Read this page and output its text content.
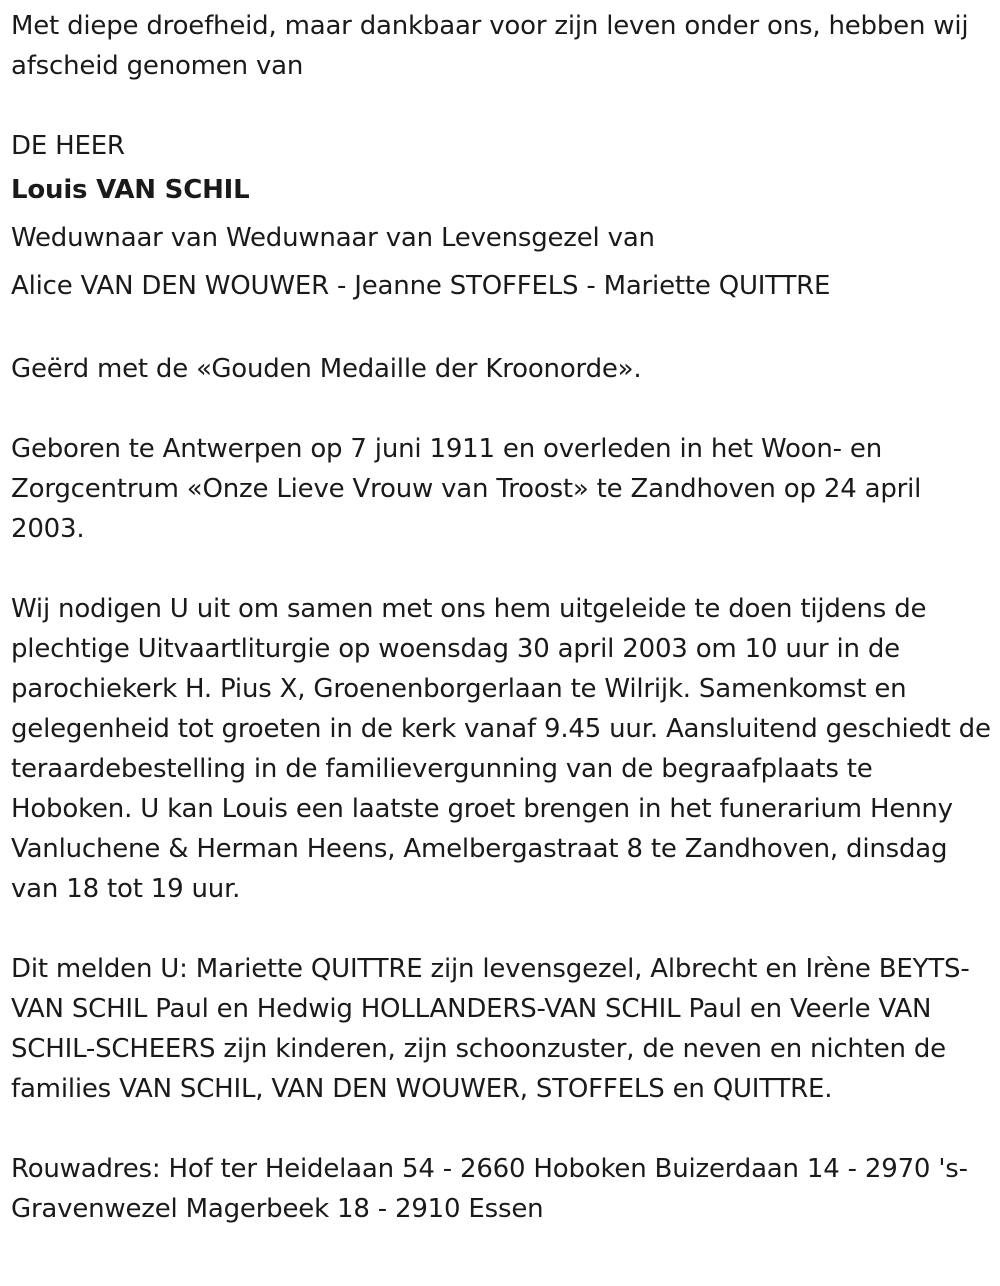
Met diepe droefheid, maar dankbaar voor zijn leven onder ons, hebben wij afscheid genomen van

DE HEER

Louis VAN SCHIL

Weduwnaar van Weduwnaar van Levensgezel van

Alice VAN DEN WOUWER - Jeanne STOFFELS - Mariette QUITTRE

Geërd met de «Gouden Medaille der Kroonorde».

Geboren te Antwerpen op 7 juni 1911 en overleden in het Woon- en Zorgcentrum «Onze Lieve Vrouw van Troost» te Zandhoven op 24 april 2003.

Wij nodigen U uit om samen met ons hem uitgeleide te doen tijdens de plechtige Uitvaartliturgie op woensdag 30 april 2003 om 10 uur in de parochiekerk H. Pius X, Groenenborgerlaan te Wilrijk. Samenkomst en gelegenheid tot groeten in de kerk vanaf 9.45 uur. Aansluitend geschiedt de teraardebestelling in de familievergunning van de begraafplaats te Hoboken. U kan Louis een laatste groet brengen in het funerarium Henny Vanluchene & Herman Heens, Amelbergastraat 8 te Zandhoven, dinsdag van 18 tot 19 uur.

Dit melden U: Mariette QUITTRE zijn levensgezel, Albrecht en Irène BEYTS-VAN SCHIL Paul en Hedwig HOLLANDERS-VAN SCHIL Paul en Veerle VAN SCHIL-SCHEERS zijn kinderen, zijn schoonzuster, de neven en nichten de families VAN SCHIL, VAN DEN WOUWER, STOFFELS en QUITTRE.

Rouwadres: Hof ter Heidelaan 54 - 2660 Hoboken Buizerdaan 14 - 2970 's-Gravenwezel Magerbeek 18 - 2910 Essen
